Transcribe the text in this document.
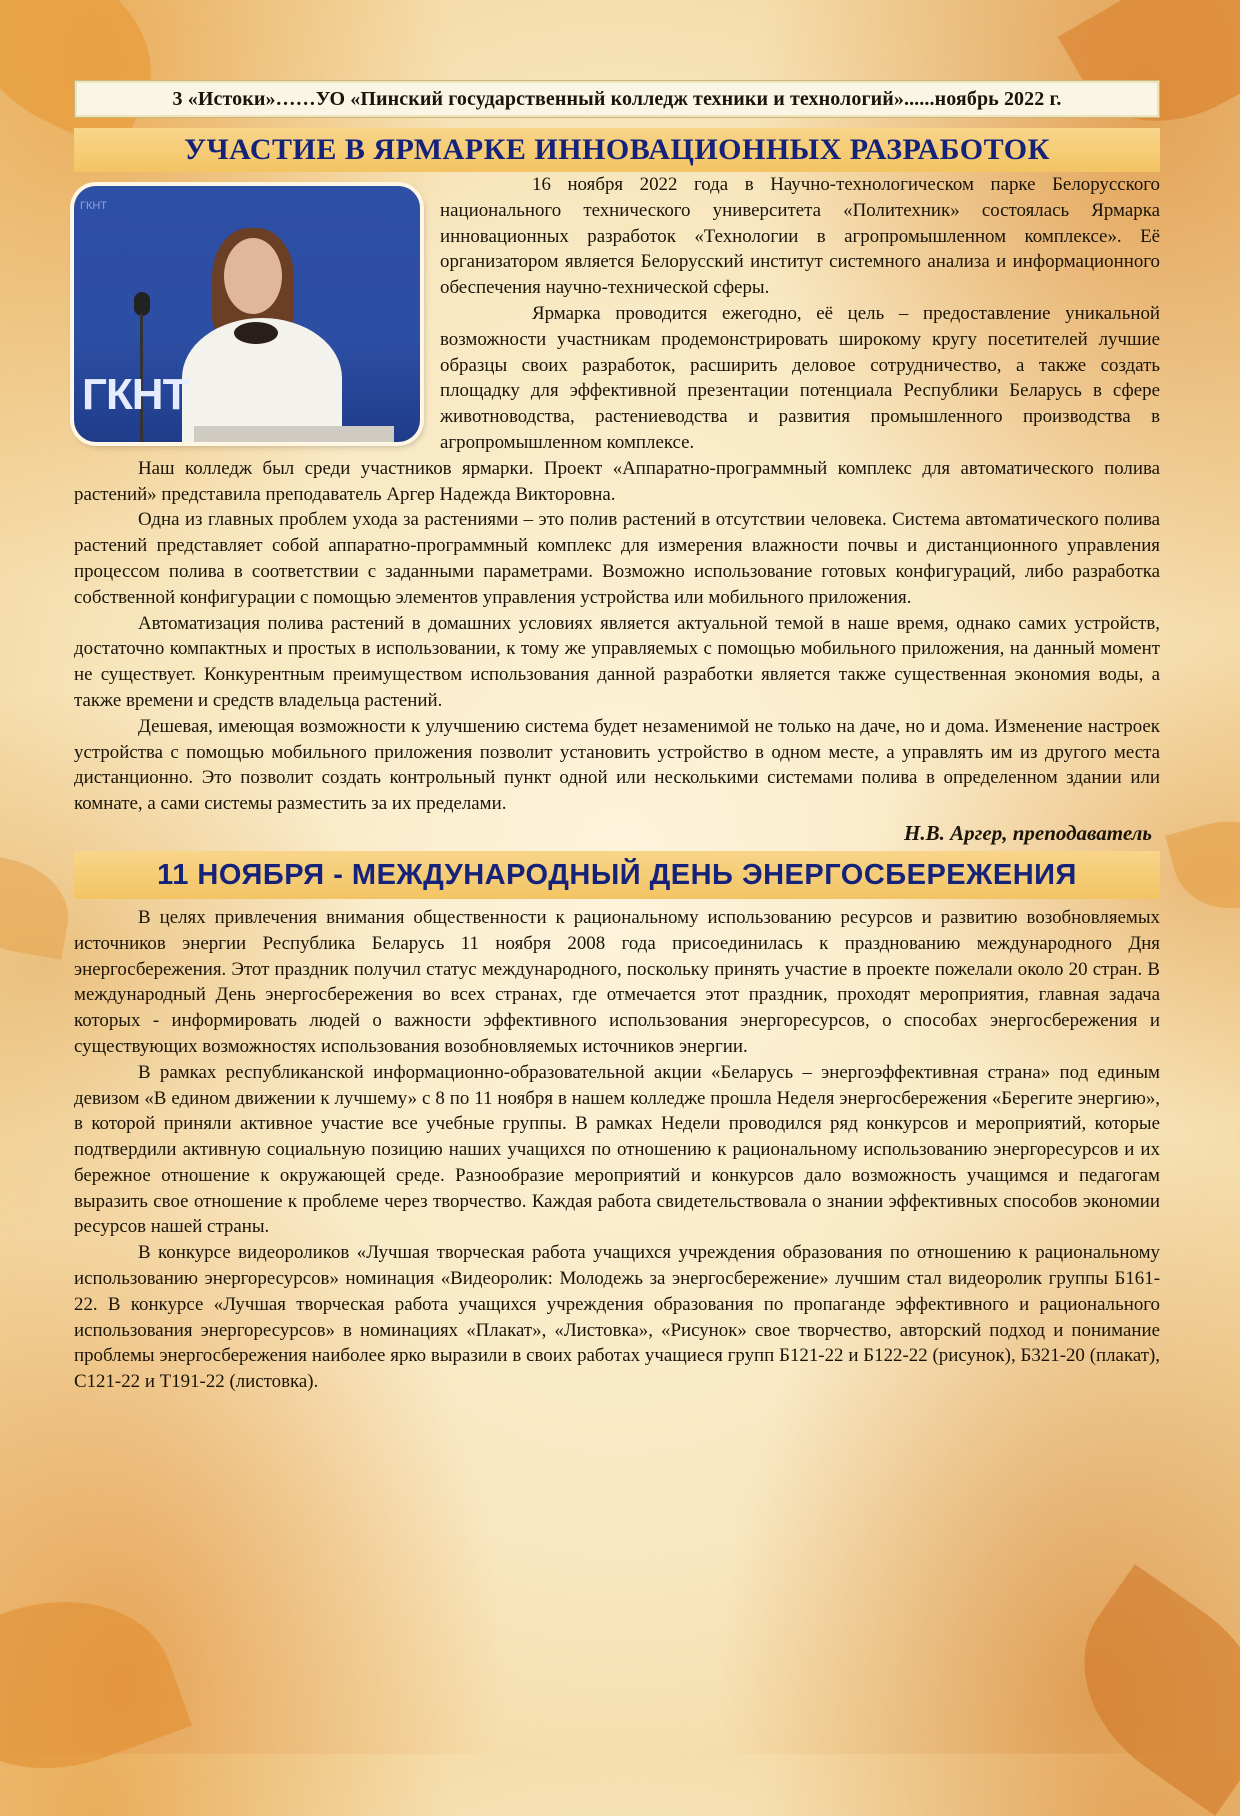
3 «Истоки»……УО «Пинский государственный колледж техники и технологий»......ноябрь 2022 г.
УЧАСТИЕ В ЯРМАРКЕ ИННОВАЦИОННЫХ РАЗРАБОТОК
ГКНТ
ГКНТ

16 ноября 2022 года в Научно-технологическом парке Белорусского национального технического университета «Политехник» состоялась Ярмарка инновационных разработок «Технологии в агропромышленном комплексе». Её организатором является Белорусский институт системного анализа и информационного обеспечения научно-технической сферы.

Ярмарка проводится ежегодно, её цель – предоставление уникальной возможности участникам продемонстрировать широкому кругу посетителей лучшие образцы своих разработок, расширить деловое сотрудничество, а также создать площадку для эффективной презентации потенциала Республики Беларусь в сфере животноводства, растениеводства и развития промышленного производства в агропромышленном комплексе.

Наш колледж был среди участников ярмарки. Проект «Аппаратно-программный комплекс для автоматического полива растений» представила преподаватель Аргер Надежда Викторовна.

Одна из главных проблем ухода за растениями – это полив растений в отсутствии человека. Система автоматического полива растений представляет собой аппаратно-программный комплекс для измерения влажности почвы и дистанционного управления процессом полива в соответствии с заданными параметрами. Возможно использование готовых конфигураций, либо разработка собственной конфигурации с помощью элементов управления устройства или мобильного приложения.

Автоматизация полива растений в домашних условиях является актуальной темой в наше время, однако самих устройств, достаточно компактных и простых в использовании, к тому же управляемых с помощью мобильного приложения, на данный момент не существует. Конкурентным преимуществом использования данной разработки является также существенная экономия воды, а также времени и средств владельца растений.

Дешевая, имеющая возможности к улучшению система будет незаменимой не только на даче, но и дома. Изменение настроек устройства с помощью мобильного приложения позволит установить устройство в одном месте, а управлять им из другого места дистанционно. Это позволит создать контрольный пункт одной или несколькими системами полива в определенном здании или комнате, а сами системы разместить за их пределами.

Н.В. Аргер, преподаватель
11 НОЯБРЯ - МЕЖДУНАРОДНЫЙ ДЕНЬ ЭНЕРГОСБЕРЕЖЕНИЯ

В целях привлечения внимания общественности к рациональному использованию ресурсов и развитию возобновляемых источников энергии Республика Беларусь 11 ноября 2008 года присоединилась к празднованию международного Дня энергосбережения. Этот праздник получил статус международного, поскольку принять участие в проекте пожелали около 20 стран. В международный День энергосбережения во всех странах, где отмечается этот праздник, проходят мероприятия, главная задача которых - информировать людей о важности эффективного использования энергоресурсов, о способах энергосбережения и существующих возможностях использования возобновляемых источников энергии.

В рамках республиканской информационно-образовательной акции «Беларусь – энергоэффективная страна» под единым девизом «В едином движении к лучшему» с 8 по 11 ноября в нашем колледже прошла Неделя энергосбережения «Берегите энергию», в которой приняли активное участие все учебные группы. В рамках Недели проводился ряд конкурсов и мероприятий, которые подтвердили активную социальную позицию наших учащихся по отношению к рациональному использованию энергоресурсов и их бережное отношение к окружающей среде. Разнообразие мероприятий и конкурсов дало возможность учащимся и педагогам выразить свое отношение к проблеме через творчество. Каждая работа свидетельствовала о знании эффективных способов экономии ресурсов нашей страны.

В конкурсе видеороликов «Лучшая творческая работа учащихся учреждения образования по отношению к рациональному использованию энергоресурсов» номинация «Видеоролик: Молодежь за энергосбережение» лучшим стал видеоролик группы Б161-22. В конкурсе «Лучшая творческая работа учащихся учреждения образования по пропаганде эффективного и рационального использования энергоресурсов» в номинациях «Плакат», «Листовка», «Рисунок» свое творчество, авторский подход и понимание проблемы энергосбережения наиболее ярко выразили в своих работах учащиеся групп Б121-22 и Б122-22 (рисунок), Б321-20 (плакат), С121-22 и Т191-22 (листовка).
